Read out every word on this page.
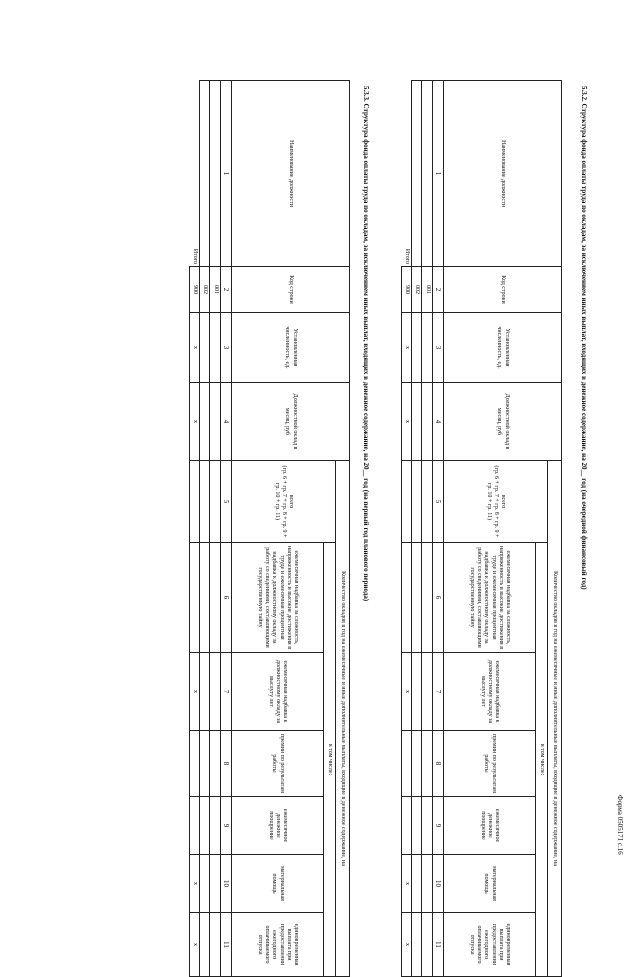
Форма 0505171 с.16
5.3.2. Структура фонда оплаты труда по окладам, за исключением иных выплат, входящих в денежное содержание, на 20__ год (на очередной финансовый год)
Наименование должности	Код строки	Установленная численность, ед.	Должностной оклад в месяц, руб	Количество окладов в год на ежемесячные и иные дополнительные выплаты, входящие в денежное содержание, на						

				всего
(гр. 6 + гр. 7 + гр. 8 + гр. 9 + гр. 10 + гр. 11)	в том числе:					
					ежемесячная надбавка за сложность, напряженность и высокие достижения в труде и ежемесячная процентная надбавка к должностному окладу за работу со сведениями, составляющими государственную тайну	ежемесячная надбавка к должностному окладу за выслугу лет	премии по результатам работы	ежемесячное денежное поощрение	материальная помощь	единовременная выплата при предоставлении ежегодного оплачиваемого отпуска
1	2	3	4	5	6	7	8	9	10	11
	001									
	002									
Итого	900	х	х			х			х	х
5.3.3. Структура фонда оплаты труда по окладам, за исключением иных выплат, входящих в денежное содержание, на 20__ год (на первый год планового периода)
Наименование должности	Код строки	Установленная численность, ед.	Должностной оклад в месяц, руб	Количество окладов в год на ежемесячные и иные дополнительные выплаты, входящие в денежное содержание, на						

				всего
(гр. 6 + гр. 7 + гр. 8 + гр. 9 + гр. 10 + гр. 11)	в том числе:					
					ежемесячная надбавка за сложность, напряженность и высокие достижения в труде и ежемесячная процентная надбавка к должностному окладу за работу со сведениями, составляющими государственную тайну	ежемесячная надбавка к должностному окладу за выслугу лет	премии по результатам работы	ежемесячное денежное поощрение	материальная помощь	единовременная выплата при предоставлении ежегодного оплачиваемого отпуска
1	2	3	4	5	6	7	8	9	10	11
	001									
	002									
Итого	900	х	х			х			х	х
